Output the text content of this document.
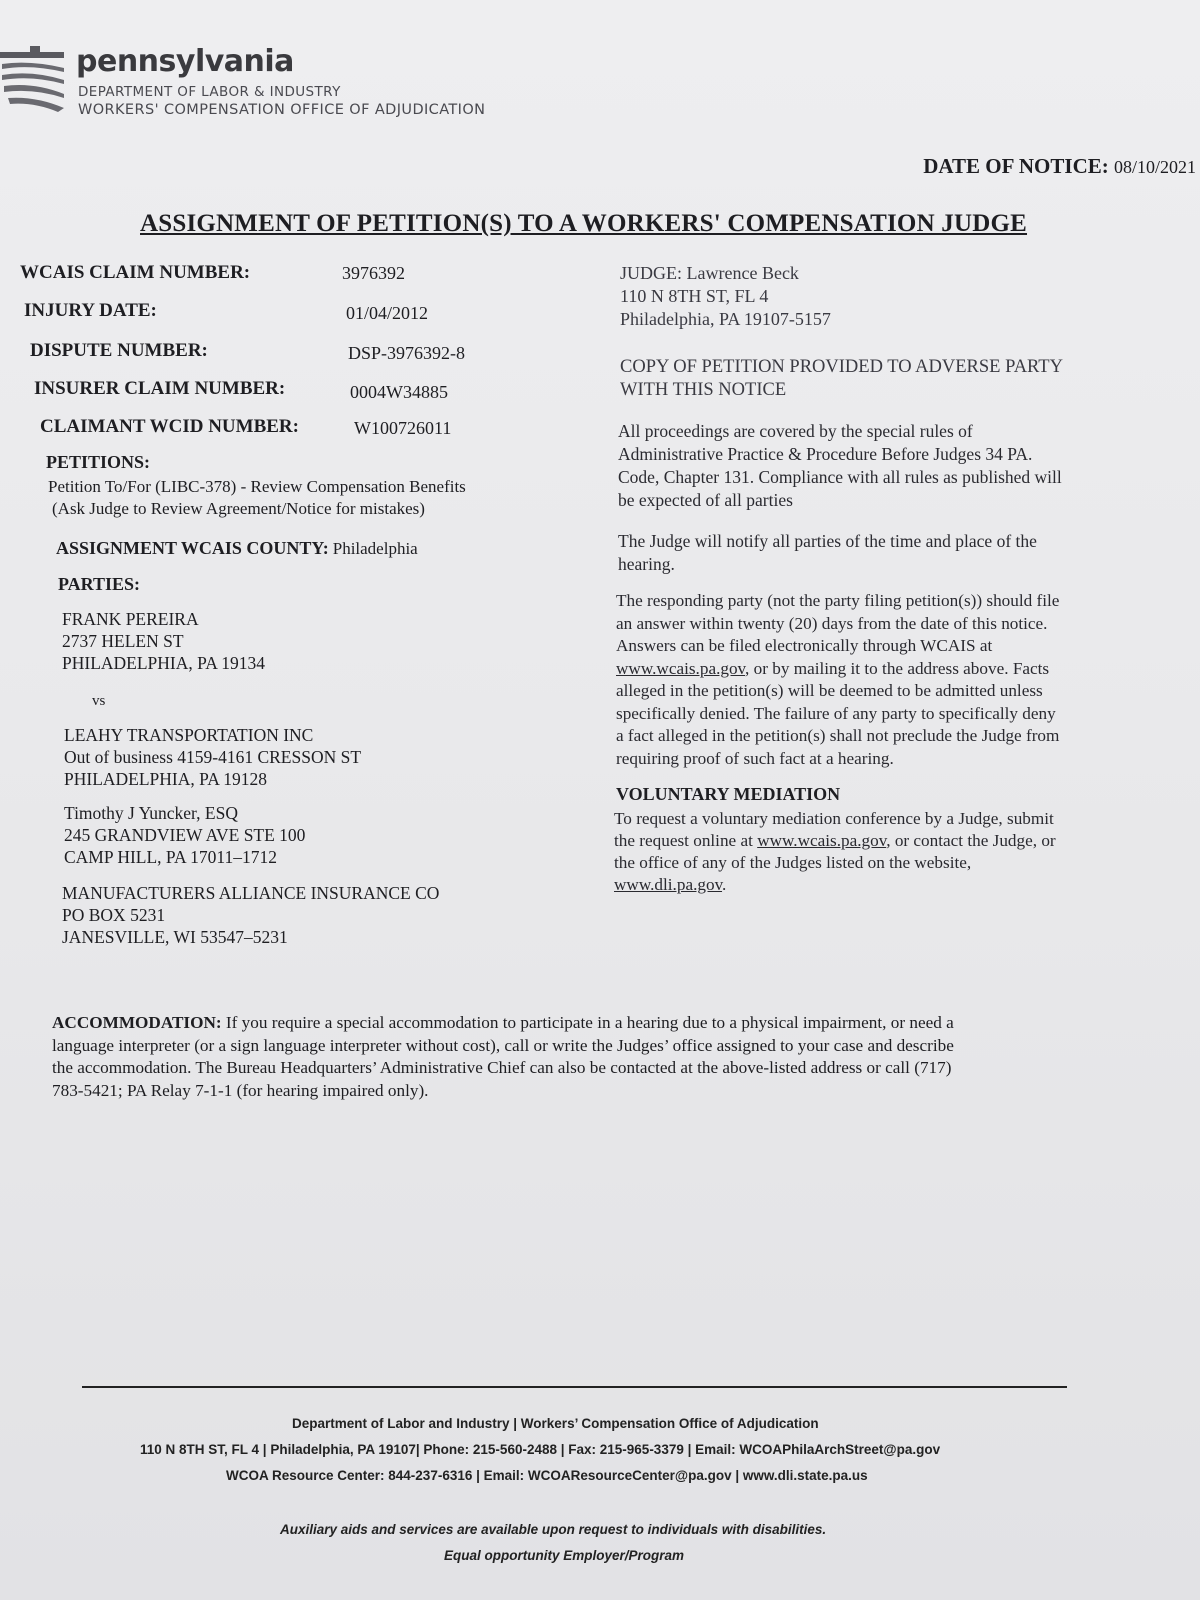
pennsylvania
DEPARTMENT OF LABOR & INDUSTRY
WORKERS' COMPENSATION OFFICE OF ADJUDICATION
DATE OF NOTICE: 08/10/2021
ASSIGNMENT OF PETITION(S) TO A WORKERS' COMPENSATION JUDGE
WCAIS CLAIM NUMBER:	3976392
INJURY DATE:	01/04/2012
DISPUTE NUMBER:	DSP-3976392-8
INSURER CLAIM NUMBER:	0004W34885
CLAIMANT WCID NUMBER:	W100726011
PETITIONS:
Petition To/For (LIBC-378) - Review Compensation Benefits
(Ask Judge to Review Agreement/Notice for mistakes)
ASSIGNMENT WCAIS COUNTY: Philadelphia
PARTIES:
FRANK PEREIRA
2737 HELEN ST
PHILADELPHIA, PA 19134
vs
LEAHY TRANSPORTATION INC
Out of business 4159-4161 CRESSON ST
PHILADELPHIA, PA 19128
Timothy J Yuncker, ESQ
245 GRANDVIEW AVE STE 100
CAMP HILL, PA 17011–1712
MANUFACTURERS ALLIANCE INSURANCE CO
PO BOX 5231
JANESVILLE, WI 53547–5231
JUDGE: Lawrence Beck
110 N 8TH ST, FL 4
Philadelphia, PA 19107-5157
COPY OF PETITION PROVIDED TO ADVERSE PARTY
WITH THIS NOTICE
All proceedings are covered by the special rules of
Administrative Practice & Procedure Before Judges 34 PA.
Code, Chapter 131. Compliance with all rules as published will
be expected of all parties
The Judge will notify all parties of the time and place of the
hearing.
The responding party (not the party filing petition(s)) should file
an answer within twenty (20) days from the date of this notice.
Answers can be filed electronically through WCAIS at
www.wcais.pa.gov, or by mailing it to the address above. Facts
alleged in the petition(s) will be deemed to be admitted unless
specifically denied. The failure of any party to specifically deny
a fact alleged in the petition(s) shall not preclude the Judge from
requiring proof of such fact at a hearing.
VOLUNTARY MEDIATION
To request a voluntary mediation conference by a Judge, submit
the request online at www.wcais.pa.gov, or contact the Judge, or
the office of any of the Judges listed on the website,
www.dli.pa.gov.
ACCOMMODATION: If you require a special accommodation to participate in a hearing due to a physical impairment, or need a
language interpreter (or a sign language interpreter without cost), call or write the Judges’ office assigned to your case and describe
the accommodation. The Bureau Headquarters’ Administrative Chief can also be contacted at the above-listed address or call (717)
783-5421; PA Relay 7-1-1 (for hearing impaired only).
Department of Labor and Industry | Workers’ Compensation Office of Adjudication
110 N 8TH ST, FL 4 | Philadelphia, PA 19107| Phone: 215-560-2488 | Fax: 215-965-3379 | Email: WCOAPhilaArchStreet@pa.gov
WCOA Resource Center: 844-237-6316 | Email: WCOAResourceCenter@pa.gov | www.dli.state.pa.us
Auxiliary aids and services are available upon request to individuals with disabilities.
Equal opportunity Employer/Program
